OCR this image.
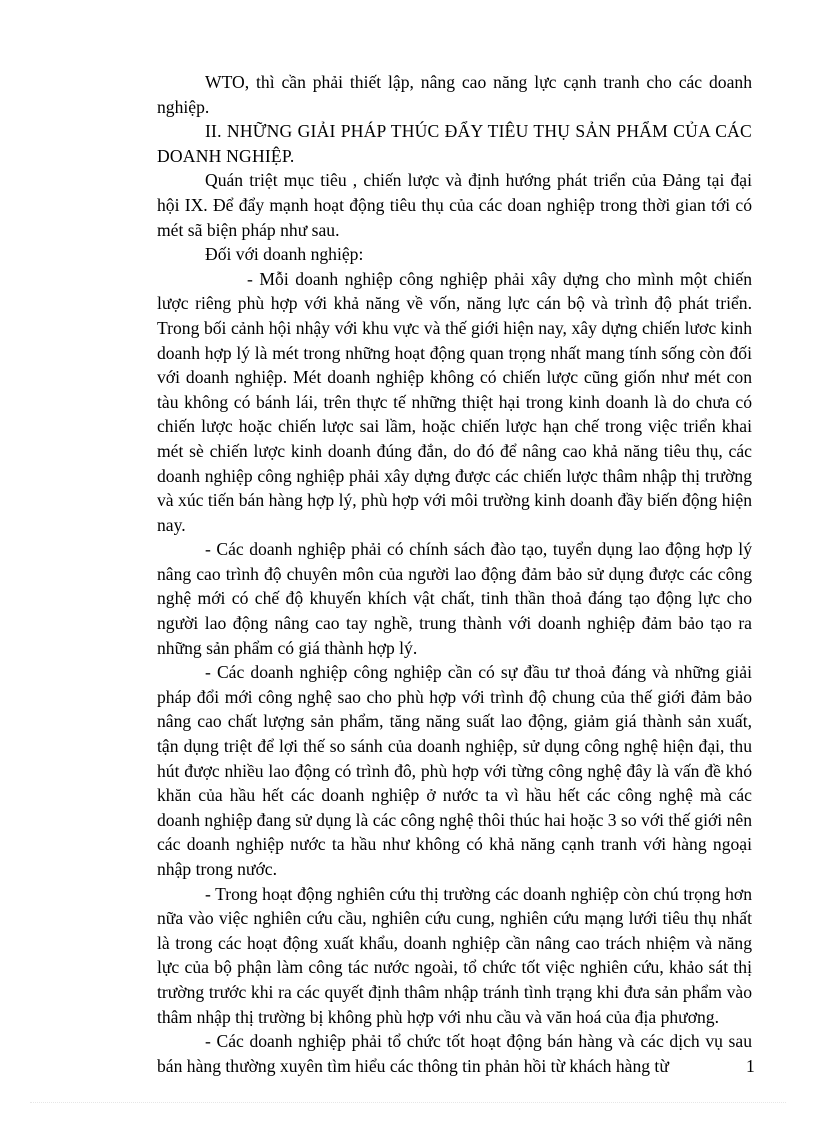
WTO, thì cần phải thiết lập, nâng cao năng lực cạnh tranh cho các doanh nghiệp.

II. NHỮNG GIẢI PHÁP THÚC ĐẨY TIÊU THỤ SẢN PHẨM CỦA CÁC DOANH NGHIỆP.

Quán triệt mục tiêu , chiến lược và định hướng phát triển của Đảng tại đại hội IX. Để đẩy mạnh hoạt động tiêu thụ của các doan nghiệp trong thời gian tới có mét sã biện pháp như sau.

Đối với doanh nghiệp:

- Mỗi doanh nghiệp công nghiệp phải xây dựng cho mình một chiến lược riêng phù hợp với khả năng về vốn, năng lực cán bộ và trình độ phát triển. Trong bối cảnh hội nhậy với khu vực và thế giới hiện nay, xây dựng chiến lươc kinh doanh hợp lý là mét trong những hoạt động quan trọng nhất mang tính sống còn đối với doanh nghiệp. Mét doanh nghiệp không có chiến lược cũng giốn như mét con tàu không có bánh lái, trên thực tế những thiệt hại trong kinh doanh là do chưa có chiến lược hoặc chiến lược sai lầm, hoặc chiến lược hạn chế trong việc triển khai mét sè chiến lược kinh doanh đúng đắn, do đó để nâng cao khả năng tiêu thụ, các doanh nghiệp công nghiệp phải xây dựng được các chiến lược thâm nhập thị trường và xúc tiến bán hàng hợp lý, phù hợp với môi trường kinh doanh đầy biến động hiện nay.

- Các doanh nghiệp phải có chính sách đào tạo, tuyển dụng lao động hợp lý nâng cao trình độ chuyên môn của người lao động đảm bảo sử dụng được các công nghệ mới có chế độ khuyến khích vật chất, tinh thần thoả đáng tạo động lực cho người lao động nâng cao tay nghề, trung thành với doanh nghiệp đảm bảo tạo ra những sản phẩm có giá thành hợp lý.

- Các doanh nghiệp công nghiệp cần có sự đầu tư thoả đáng và những giải pháp đổi mới công nghệ sao cho phù hợp với trình độ chung của thế giới đảm bảo nâng cao chất lượng sản phẩm, tăng năng suất lao động, giảm giá thành sản xuất, tận dụng triệt để lợi thế so sánh của doanh nghiệp, sử dụng công nghệ hiện đại, thu hút được nhiều lao động có trình đô, phù hợp với từng công nghệ đây là vấn đề khó khăn của hầu hết các doanh nghiệp ở nước ta vì hầu hết các công nghệ mà các doanh nghiệp đang sử dụng là các công nghệ thôi thúc hai hoặc 3 so với thế giới nên các doanh nghiệp nước ta hầu như không có khả năng cạnh tranh với hàng ngoại nhập trong nước.

- Trong hoạt động nghiên cứu thị trường các doanh nghiệp còn chú trọng hơn nữa vào việc nghiên cứu cầu, nghiên cứu cung, nghiên cứu mạng lưới tiêu thụ nhất là trong các hoạt động xuất khẩu, doanh nghiệp cần nâng cao trách nhiệm và năng lực của bộ phận làm công tác nước ngoài, tổ chức tốt việc nghiên cứu, khảo sát thị trường trước khi ra các quyết định thâm nhập tránh tình trạng khi đưa sản phẩm vào thâm nhập thị trường bị không phù hợp với nhu cầu và văn hoá của địa phương.

- Các doanh nghiệp phải tổ chức tốt hoạt động bán hàng và các dịch vụ sau bán hàng thường xuyên tìm hiểu các thông tin phản hồi từ khách hàng từ	1
